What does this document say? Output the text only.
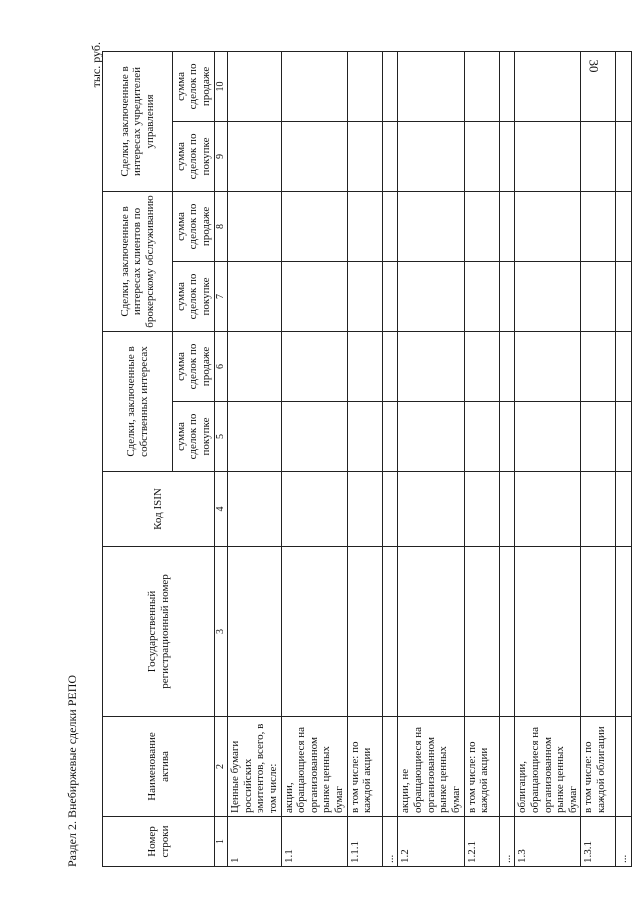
30
Раздел 2. Внебиржевые сделки РЕПО
тыс. руб.
Номер строки	Наименование актива	Государственный регистрационный номер	Код ISIN	Сделки, заключенные в собственных интересах		Сделки, заключенные в интересах клиентов по брокерскому обслуживанию		Сделки, заключенные в интересах учредителей управления	
				сумма сделок по покупке	сумма сделок по продаже	сумма сделок по покупке	сумма сделок по продаже	сумма сделок по покупке	сумма сделок по продаже
1	2	3	4	5	6	7	8	9	10
1	Ценные бумаги российских эмитентов, всего, в том числе:								
1.1	акции, обращающиеся на организованном рынке ценных бумаг								
1.1.1	в том числе: по каждой акции								
...									
1.2	акции, не обращающиеся на организованном рынке ценных бумаг								
1.2.1	в том числе: по каждой акции								
...									
1.3	облигации, обращающиеся на организованном рынке ценных бумаг								
1.3.1	в том числе: по каждой облигации								
...									
